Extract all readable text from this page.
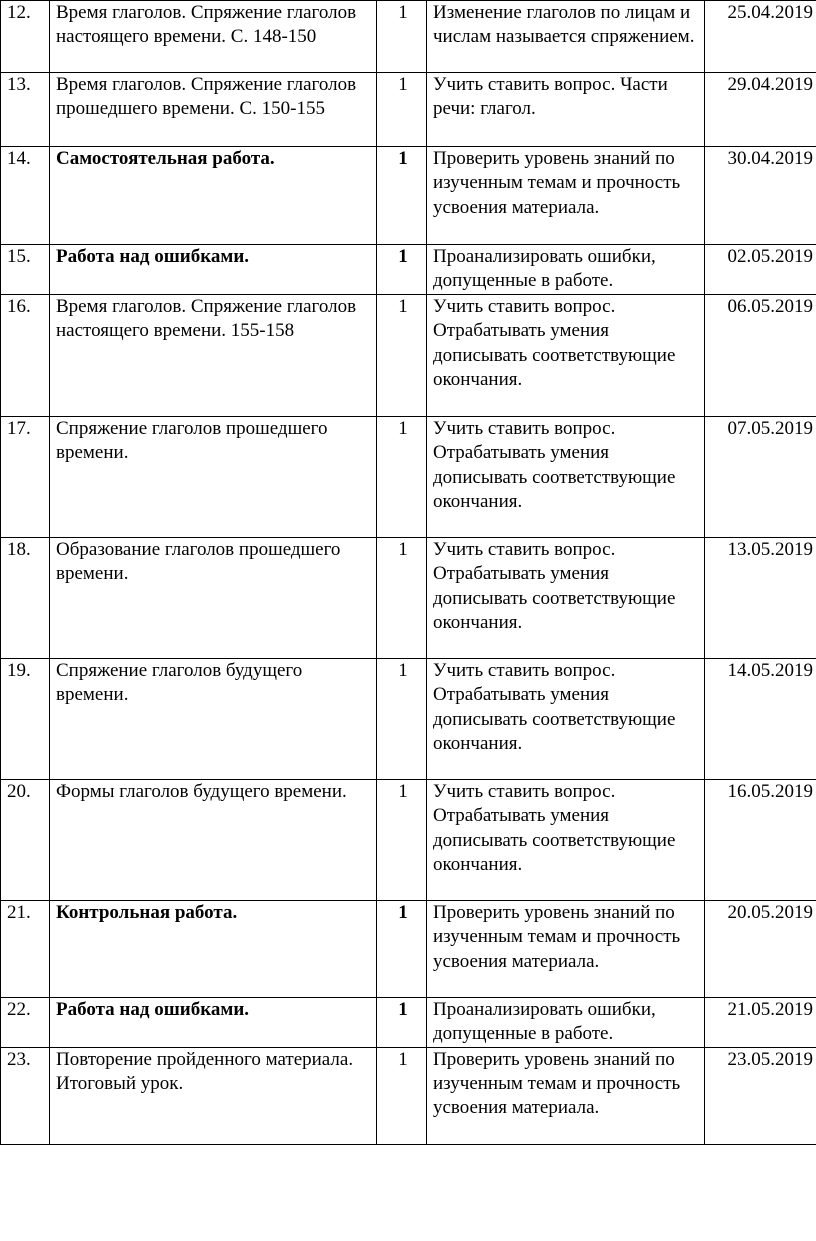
12.	Время глаголов. Спряжение глаголов настоящего времени. С. 148-150	1	Изменение глаголов по лицам и числам называется спряжением.	25.04.2019
13.	Время глаголов. Спряжение глаголов прошедшего времени. С. 150-155	1	Учить ставить вопрос. Части речи: глагол.	29.04.2019
14.	Самостоятельная работа.	1	Проверить уровень знаний по изученным темам и прочность усвоения материала.	30.04.2019
15.	Работа над ошибками.	1	Проанализировать ошибки, допущенные в работе.	02.05.2019
16.	Время глаголов. Спряжение глаголов настоящего времени. 155-158	1	Учить ставить вопрос. Отрабатывать умения дописывать соответствующие окончания.	06.05.2019
17.	Спряжение глаголов прошедшего времени.	1	Учить ставить вопрос. Отрабатывать умения дописывать соответствующие окончания.	07.05.2019
18.	Образование глаголов прошедшего времени.	1	Учить ставить вопрос. Отрабатывать умения дописывать соответствующие окончания.	13.05.2019
19.	Спряжение глаголов будущего времени.	1	Учить ставить вопрос. Отрабатывать умения дописывать соответствующие окончания.	14.05.2019
20.	Формы глаголов будущего времени.	1	Учить ставить вопрос. Отрабатывать умения дописывать соответствующие окончания.	16.05.2019
21.	Контрольная работа.	1	Проверить уровень знаний по изученным темам и прочность усвоения материала.	20.05.2019
22.	Работа над ошибками.	1	Проанализировать ошибки, допущенные в работе.	21.05.2019
23.	Повторение пройденного материала. Итоговый урок.	1	Проверить уровень знаний по изученным темам и прочность усвоения материала.	23.05.2019
